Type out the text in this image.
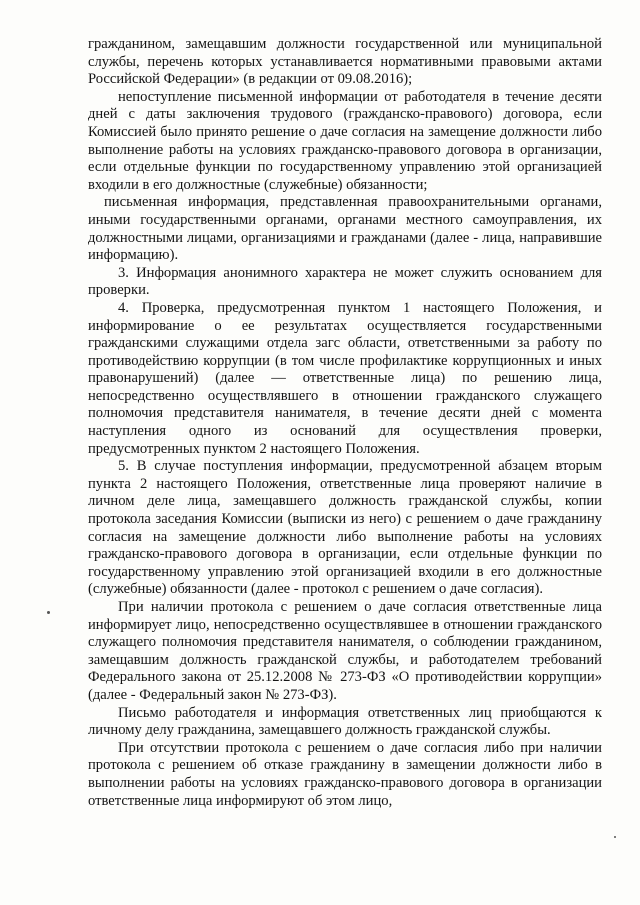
гражданином, замещавшим должности государственной или муниципальной службы, перечень которых устанавливается нормативными правовыми актами Российской Федерации» (в редакции от 09.08.2016);

непоступление письменной информации от работодателя в течение десяти дней с даты заключения трудового (гражданско-правового) договора, если Комиссией было принято решение о даче согласия на замещение должности либо выполнение работы на условиях гражданско-правового договора в организации, если отдельные функции по государственному управлению этой организацией входили в его должностные (служебные) обязанности;

письменная информация, представленная правоохранительными органами, иными государственными органами, органами местного самоуправления, их должностными лицами, организациями и гражданами (далее - лица, направившие информацию).

3. Информация анонимного характера не может служить основанием для проверки.

4. Проверка, предусмотренная пунктом 1 настоящего Положения, и информирование о ее результатах осуществляется государственными гражданскими служащими отдела загс области, ответственными за работу по противодействию коррупции (в том числе профилактике коррупционных и иных правонарушений) (далее — ответственные лица) по решению лица, непосредственно осуществлявшего в отношении гражданского служащего полномочия представителя нанимателя, в течение десяти дней с момента наступления одного из оснований для осуществления проверки, предусмотренных пунктом 2 настоящего Положения.

5. В случае поступления информации, предусмотренной абзацем вторым пункта 2 настоящего Положения, ответственные лица проверяют наличие в личном деле лица, замещавшего должность гражданской службы, копии протокола заседания Комиссии (выписки из него) с решением о даче гражданину согласия на замещение должности либо выполнение работы на условиях гражданско-правового договора в организации, если отдельные функции по государственному управлению этой организацией входили в его должностные (служебные) обязанности (далее - протокол с решением о даче согласия).

При наличии протокола с решением о даче согласия ответственные лица информирует лицо, непосредственно осуществлявшее в отношении гражданского служащего полномочия представителя нанимателя, о соблюдении гражданином, замещавшим должность гражданской службы, и работодателем требований Федерального закона от 25.12.2008 № 273-ФЗ «О противодействии коррупции» (далее - Федеральный закон № 273-ФЗ).

Письмо работодателя и информация ответственных лиц приобщаются к личному делу гражданина, замещавшего должность гражданской службы.

При отсутствии протокола с решением о даче согласия либо при наличии протокола с решением об отказе гражданину в замещении должности либо в выполнении работы на условиях гражданско-правового договора в организации ответственные лица информируют об этом лицо,
